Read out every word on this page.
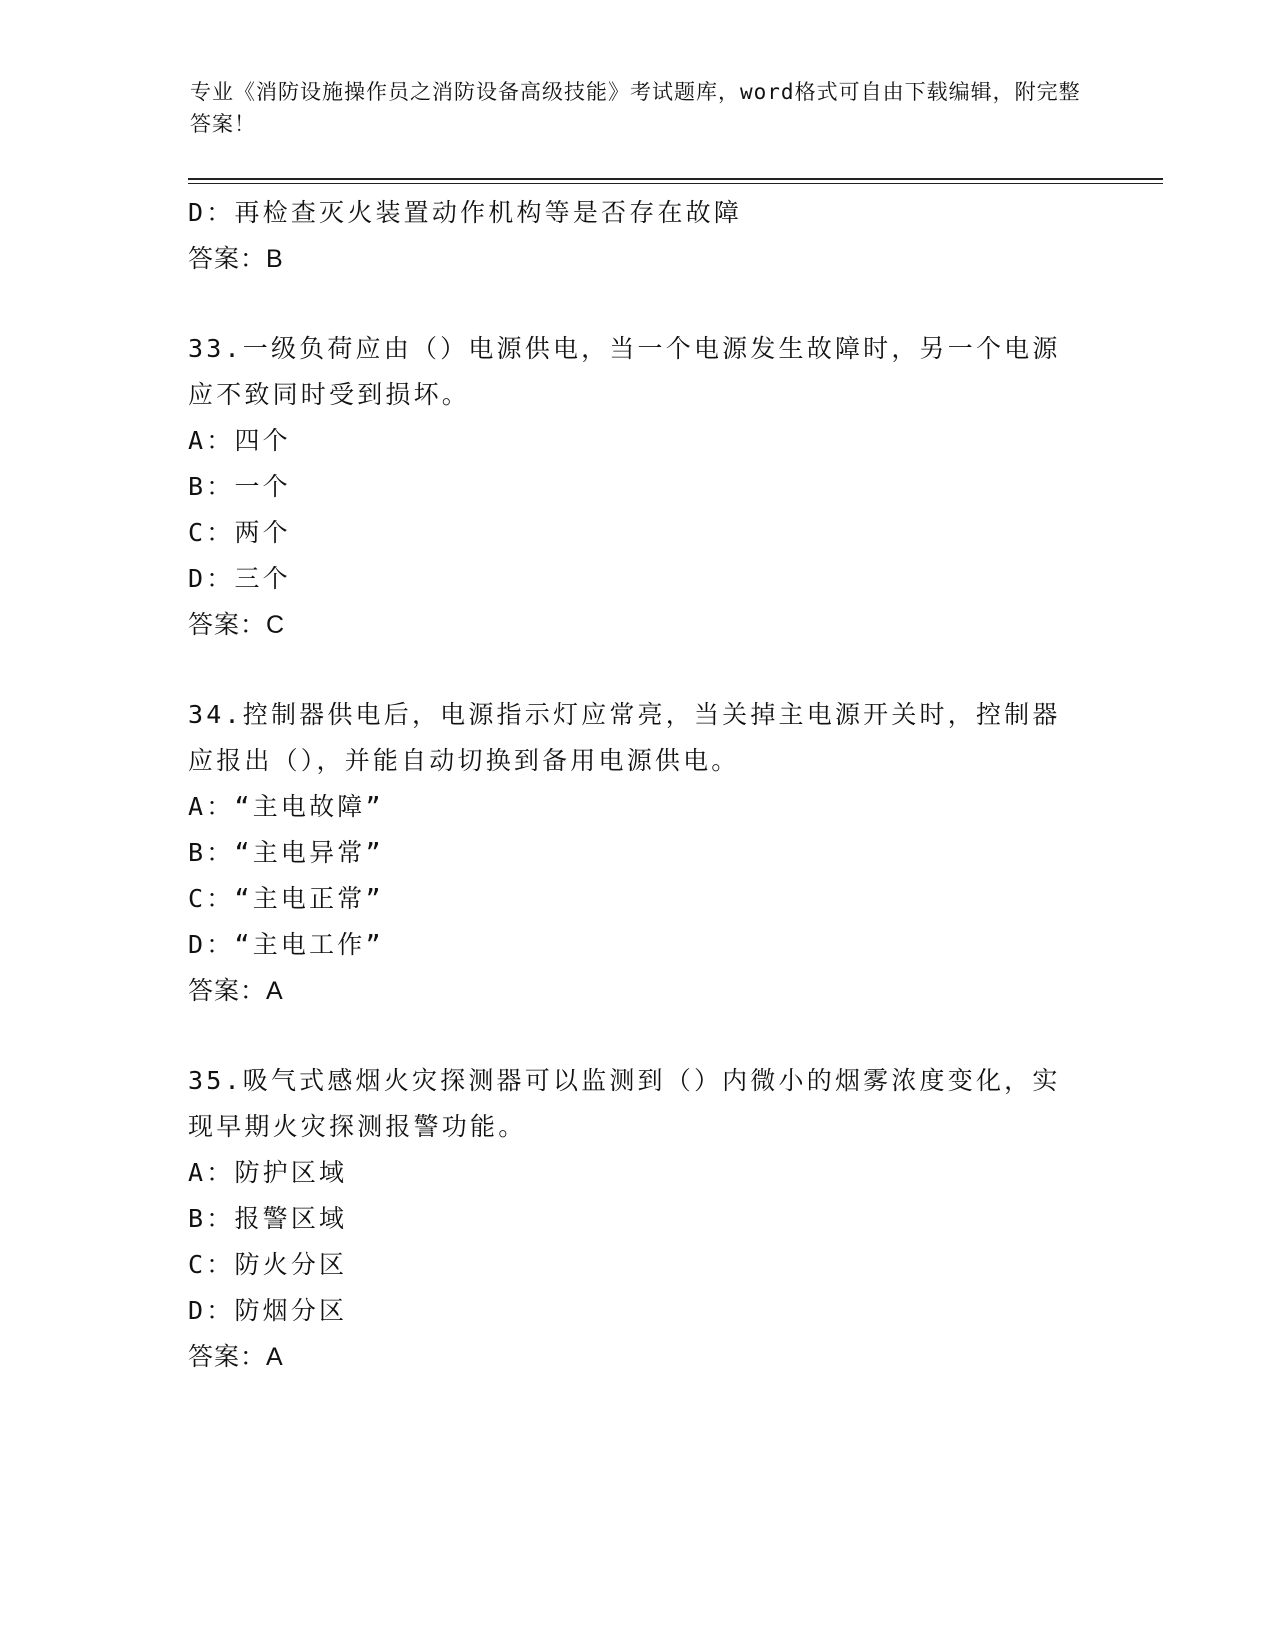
专业《消防设施操作员之消防设备高级技能》考试题库，word格式可自由下载编辑，附完整答案！

D：再检查灭火装置动作机构等是否存在故障

答案：B

33.一级负荷应由（）电源供电，当一个电源发生故障时，另一个电源应不致同时受到损坏。

A：四个

B：一个

C：两个

D：三个

答案：C

34.控制器供电后，电源指示灯应常亮，当关掉主电源开关时，控制器应报出（），并能自动切换到备用电源供电。

A：“主电故障”

B：“主电异常”

C：“主电正常”

D：“主电工作”

答案：A

35.吸气式感烟火灾探测器可以监测到（）内微小的烟雾浓度变化，实现早期火灾探测报警功能。

A：防护区域

B：报警区域

C：防火分区

D：防烟分区

答案：A
